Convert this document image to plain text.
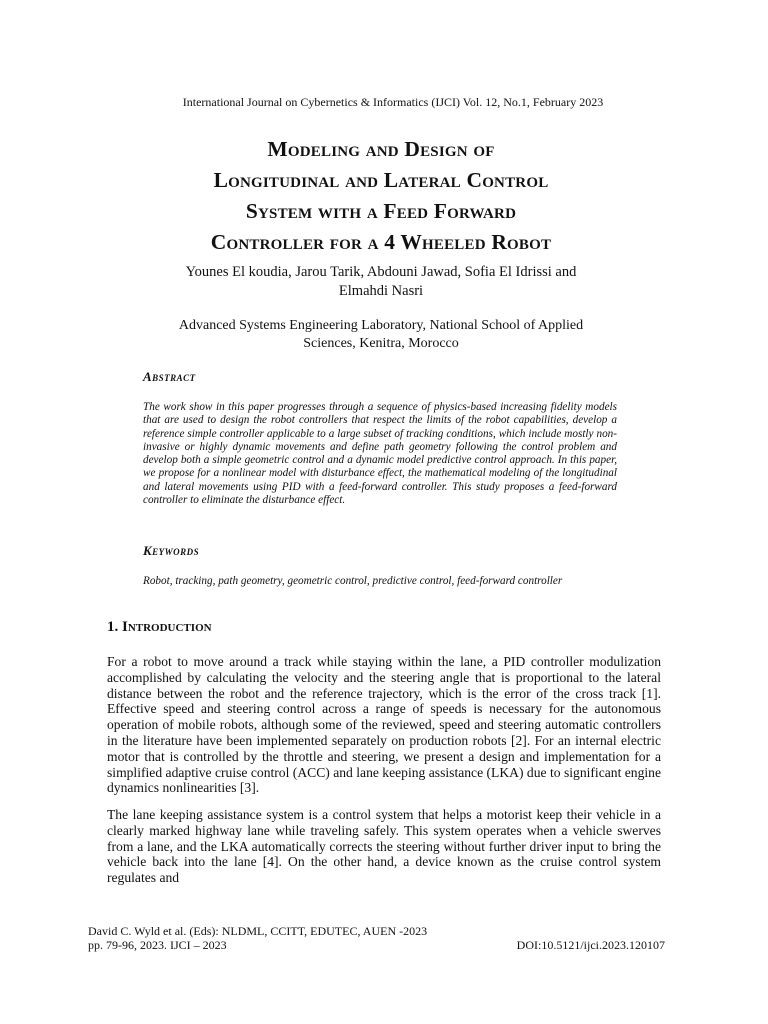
International Journal on Cybernetics & Informatics (IJCI) Vol. 12, No.1, February 2023
Modeling and Design of
Longitudinal and Lateral Control
System with a Feed Forward
Controller for a 4 Wheeled Robot
Younes El koudia, Jarou Tarik, Abdouni Jawad, Sofia El Idrissi and
Elmahdi Nasri
Advanced Systems Engineering Laboratory, National School of Applied
Sciences, Kenitra, Morocco
Abstract
The work show in this paper progresses through a sequence of physics-based increasing fidelity models that are used to design the robot controllers that respect the limits of the robot capabilities, develop a reference simple controller applicable to a large subset of tracking conditions, which include mostly non-invasive or highly dynamic movements and define path geometry following the control problem and develop both a simple geometric control and a dynamic model predictive control approach. In this paper, we propose for a nonlinear model with disturbance effect, the mathematical modeling of the longitudinal and lateral movements using PID with a feed-forward controller. This study proposes a feed-forward controller to eliminate the disturbance effect.
Keywords
Robot, tracking, path geometry, geometric control, predictive control, feed-forward controller
1. Introduction
For a robot to move around a track while staying within the lane, a PID controller modulization accomplished by calculating the velocity and the steering angle that is proportional to the lateral distance between the robot and the reference trajectory, which is the error of the cross track [1]. Effective speed and steering control across a range of speeds is necessary for the autonomous operation of mobile robots, although some of the reviewed, speed and steering automatic controllers in the literature have been implemented separately on production robots [2]. For an internal electric motor that is controlled by the throttle and steering, we present a design and implementation for a simplified adaptive cruise control (ACC) and lane keeping assistance (LKA) due to significant engine dynamics nonlinearities [3].
The lane keeping assistance system is a control system that helps a motorist keep their vehicle in a clearly marked highway lane while traveling safely. This system operates when a vehicle swerves from a lane, and the LKA automatically corrects the steering without further driver input to bring the vehicle back into the lane [4]. On the other hand, a device known as the cruise control system regulates and
David C. Wyld et al. (Eds): NLDML, CCITT, EDUTEC, AUEN -2023
pp. 79-96, 2023. IJCI – 2023	DOI:10.5121/ijci.2023.120107
